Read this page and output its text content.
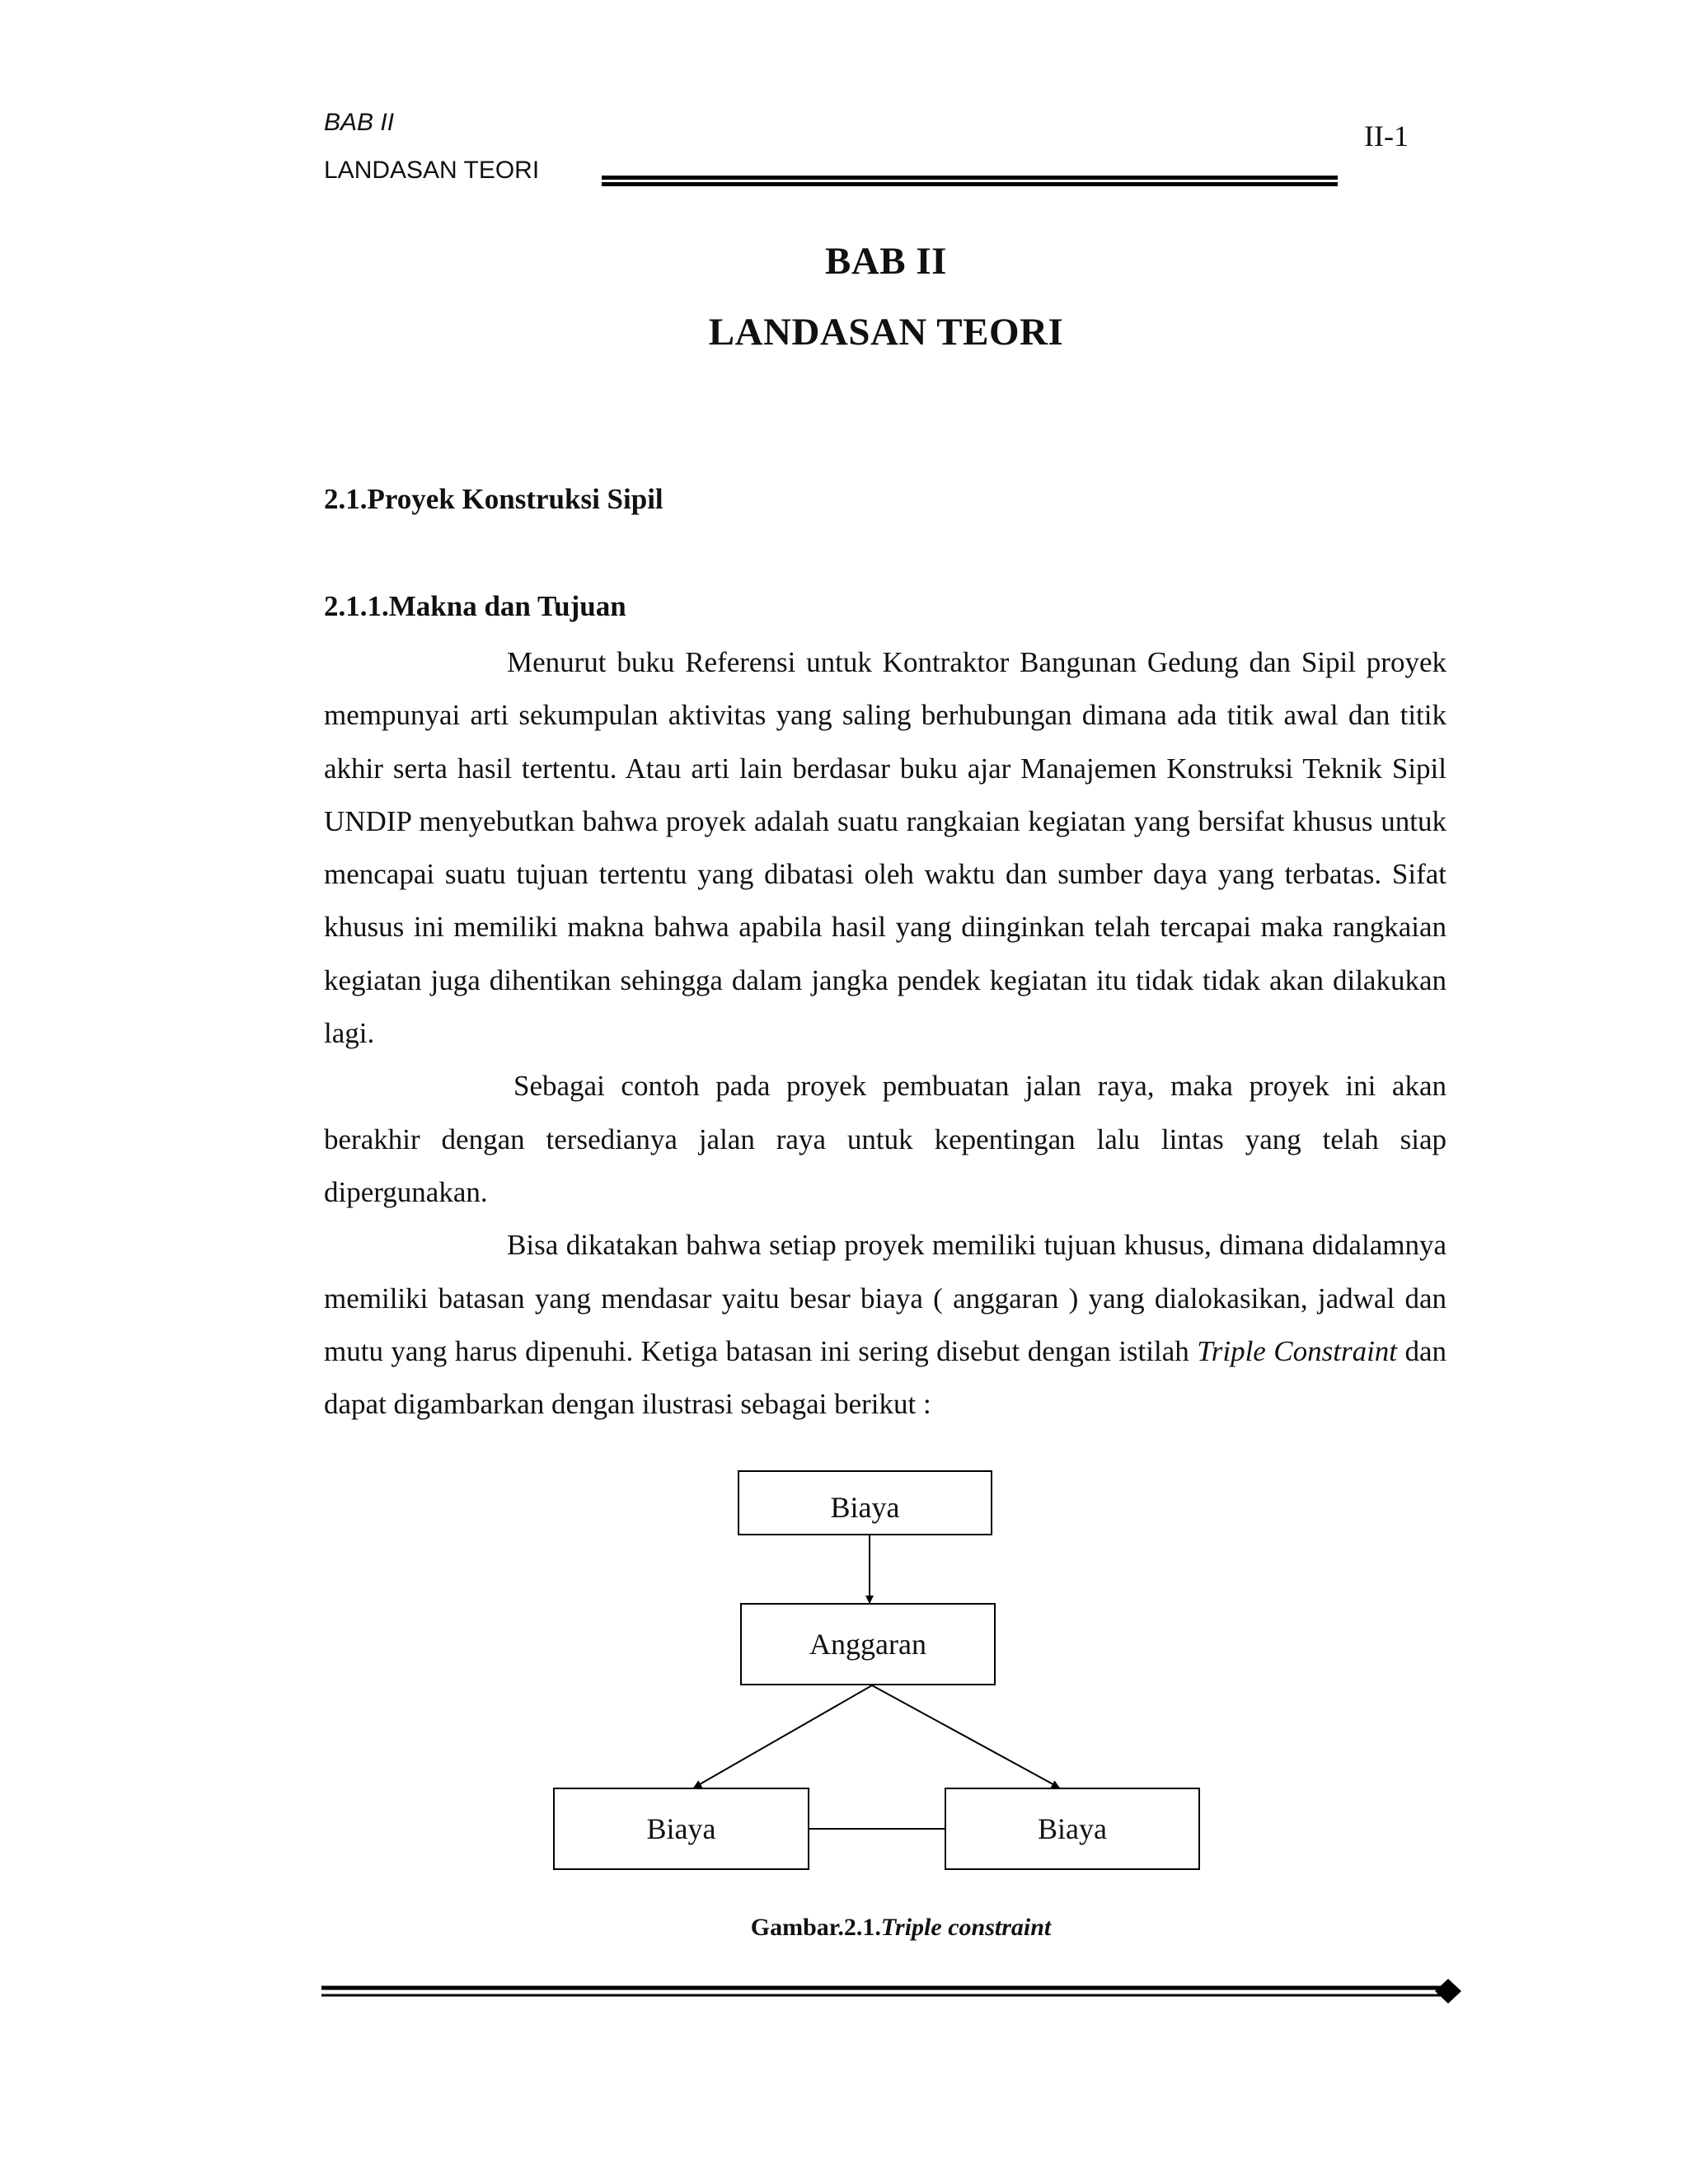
BAB II
LANDASAN TEORI
II-1
BAB II
LANDASAN TEORI
2.1.Proyek Konstruksi Sipil
2.1.1.Makna dan Tujuan

Menurut buku Referensi untuk Kontraktor Bangunan Gedung dan Sipil proyek mempunyai arti sekumpulan aktivitas yang saling berhubungan dimana ada titik awal dan titik akhir serta hasil tertentu. Atau arti lain berdasar buku ajar Manajemen Konstruksi Teknik Sipil UNDIP menyebutkan bahwa proyek adalah suatu rangkaian kegiatan yang bersifat khusus untuk mencapai suatu tujuan tertentu yang dibatasi oleh waktu dan sumber daya yang terbatas. Sifat khusus ini memiliki makna bahwa apabila hasil yang diinginkan telah tercapai maka rangkaian kegiatan juga dihentikan sehingga dalam jangka pendek kegiatan itu tidak tidak akan dilakukan lagi.

Sebagai contoh pada proyek pembuatan jalan raya, maka proyek ini akan berakhir dengan tersedianya jalan raya untuk kepentingan lalu lintas yang telah siap dipergunakan.

Bisa dikatakan bahwa setiap proyek memiliki tujuan khusus, dimana didalamnya memiliki batasan yang mendasar yaitu besar biaya ( anggaran ) yang dialokasikan, jadwal dan mutu yang harus dipenuhi. Ketiga batasan ini sering disebut dengan istilah Triple Constraint dan dapat digambarkan dengan ilustrasi sebagai berikut :

Biaya
Anggaran
Biaya	Biaya
Gambar.2.1.Triple constraint
